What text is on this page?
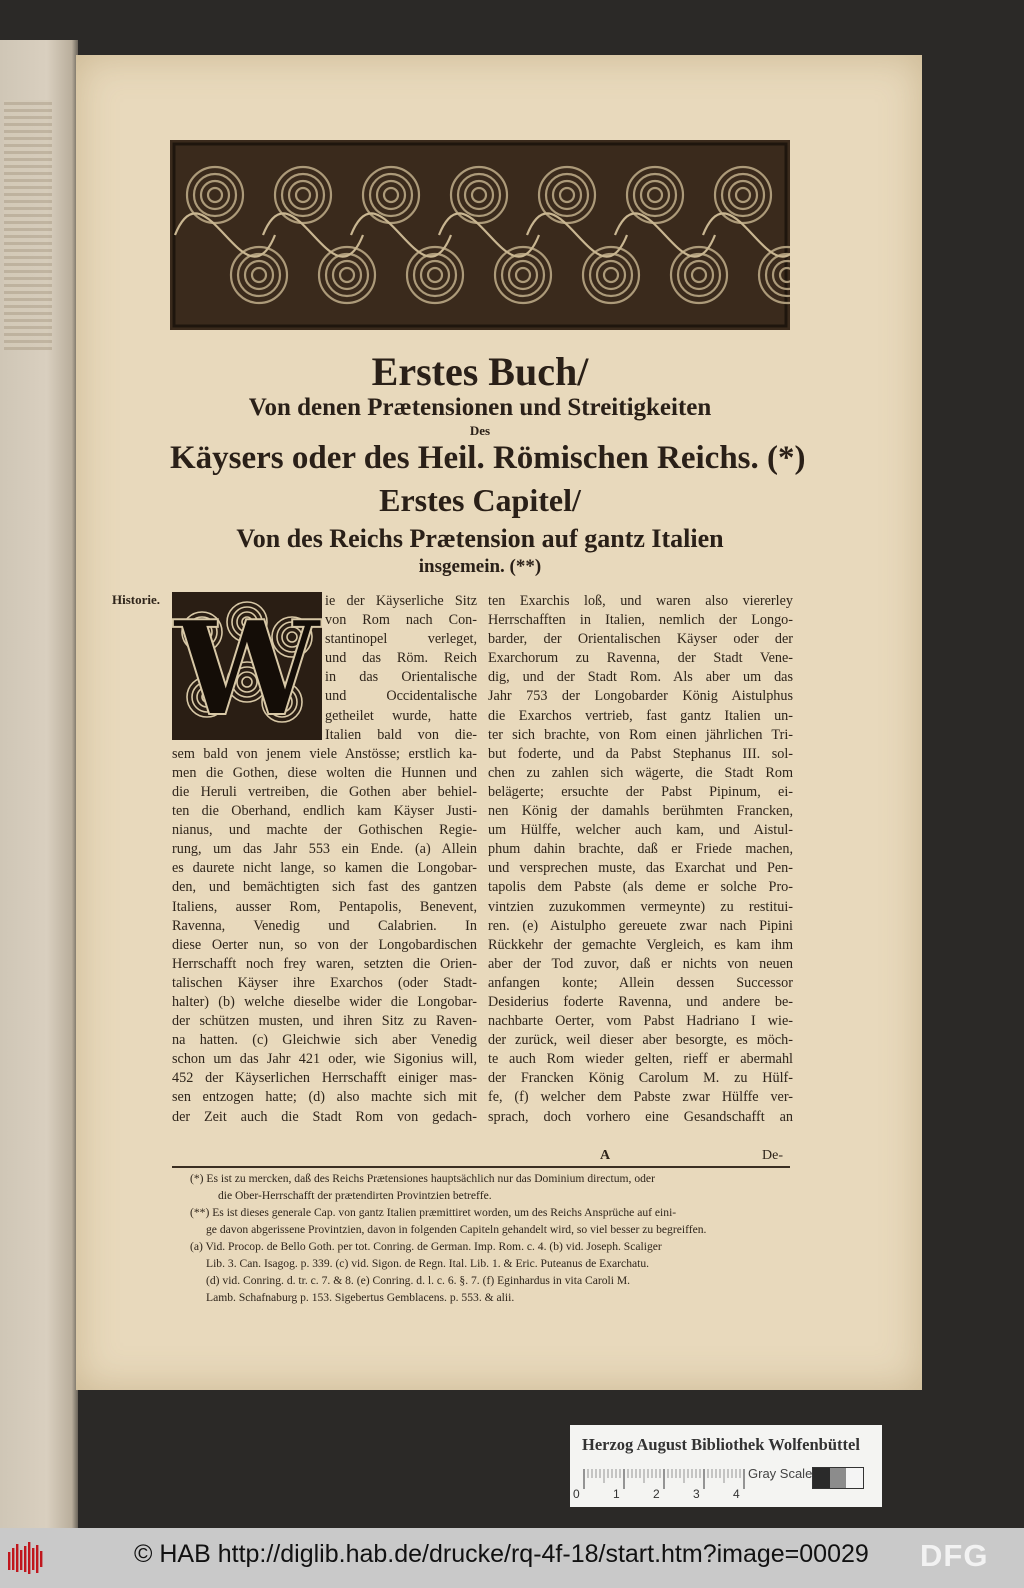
Erstes Buch/
Von denen Prætensionen und Streitigkeiten
Des
Käysers oder des Heil. Römischen Reichs. (*)
Erstes Capitel/
Von des Reichs Prætension auf gantz Italien
insgemein. (**)
Historie. W ie der Käyserliche Sitz
von Rom nach Con-
stantinopel verleget,
und das Röm. Reich
in das Orientalische
und Occidentalische
getheilet wurde, hatte
Italien bald von die-
sem bald von jenem viele Anstösse; erstlich ka-
men die Gothen, diese wolten die Hunnen und
die Heruli vertreiben, die Gothen aber behiel-
ten die Oberhand, endlich kam Käyser Justi-
nianus, und machte der Gothischen Regie-
rung, um das Jahr 553 ein Ende. (a) Allein
es daurete nicht lange, so kamen die Longobar-
den, und bemächtigten sich fast des gantzen
Italiens, ausser Rom, Pentapolis, Benevent,
Ravenna, Venedig und Calabrien. In
diese Oerter nun, so von der Longobardischen
Herrschafft noch frey waren, setzten die Orien-
talischen Käyser ihre Exarchos (oder Stadt-
halter) (b) welche dieselbe wider die Longobar-
der schützen musten, und ihren Sitz zu Raven-
na hatten. (c) Gleichwie sich aber Venedig
schon um das Jahr 421 oder, wie Sigonius will,
452 der Käyserlichen Herrschafft einiger mas-
sen entzogen hatte; (d) also machte sich mit
der Zeit auch die Stadt Rom von gedach-
ten Exarchis loß, und waren also viererley
Herrschafften in Italien, nemlich der Longo-
barder, der Orientalischen Käyser oder der
Exarchorum zu Ravenna, der Stadt Vene-
dig, und der Stadt Rom. Als aber um das
Jahr 753 der Longobarder König Aistulphus
die Exarchos vertrieb, fast gantz Italien un-
ter sich brachte, von Rom einen jährlichen Tri-
but foderte, und da Pabst Stephanus III. sol-
chen zu zahlen sich wägerte, die Stadt Rom
belägerte; ersuchte der Pabst Pipinum, ei-
nen König der damahls berühmten Francken,
um Hülffe, welcher auch kam, und Aistul-
phum dahin brachte, daß er Friede machen,
und versprechen muste, das Exarchat und Pen-
tapolis dem Pabste (als deme er solche Pro-
vintzien zuzukommen vermeynte) zu restitui-
ren. (e) Aistulpho gereuete zwar nach Pipini
Rückkehr der gemachte Vergleich, es kam ihm
aber der Tod zuvor, daß er nichts von neuen
anfangen konte; Allein dessen Successor
Desiderius foderte Ravenna, und andere be-
nachbarte Oerter, vom Pabst Hadriano I wie-
der zurück, weil dieser aber besorgte, es möch-
te auch Rom wieder gelten, rieff er abermahl
der Francken König Carolum M. zu Hülf-
fe, (f) welcher dem Pabste zwar Hülffe ver-
sprach, doch vorhero eine Gesandschafft an
A	De-
(*) Es ist zu mercken, daß des Reichs Prætensiones hauptsächlich nur das Dominium directum, oder
die Ober-Herrschafft der prætendirten Provintzien betreffe.
(**) Es ist dieses generale Cap. von gantz Italien præmittiret worden, um des Reichs Ansprüche auf eini-
ge davon abgerissene Provintzien, davon in folgenden Capiteln gehandelt wird, so viel besser zu begreiffen.
(a) Vid. Procop. de Bello Goth. per tot. Conring. de German. Imp. Rom. c. 4. (b) vid. Joseph. Scaliger
Lib. 3. Can. Isagog. p. 339. (c) vid. Sigon. de Regn. Ital. Lib. 1. & Eric. Puteanus de Exarchatu.
(d) vid. Conring. d. tr. c. 7. & 8. (e) Conring. d. l. c. 6. §. 7. (f) Eginhardus in vita Caroli M.
Lamb. Schafnaburg p. 153. Sigebertus Gemblacens. p. 553. & alii.
Herzog August Bibliothek Wolfenbüttel
0	1	2	3	4
Gray Scale
© HAB http://diglib.hab.de/drucke/rq-4f-18/start.htm?image=00029 DFG
